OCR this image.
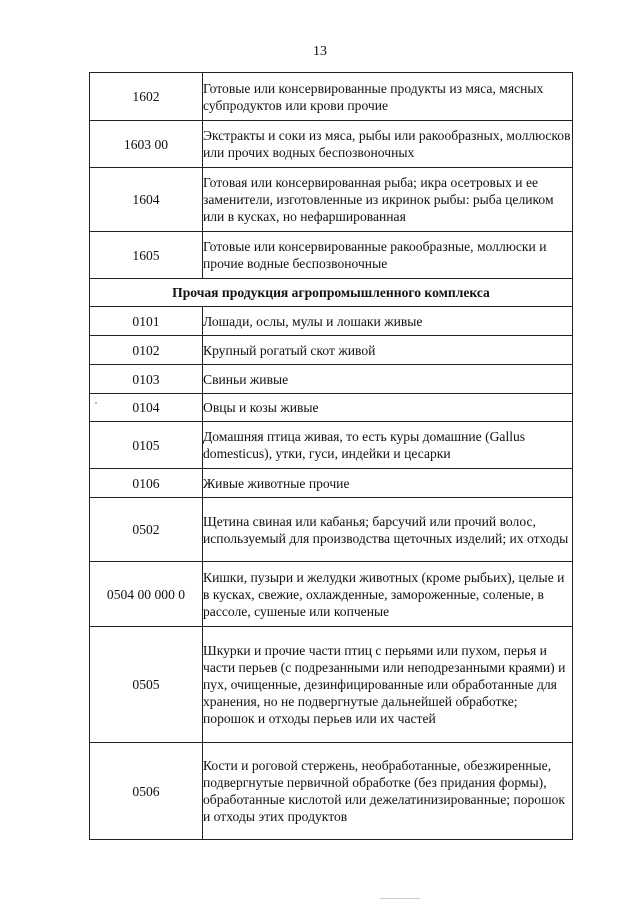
13
1602	Готовые или консервированные продукты из мяса, мясных субпродуктов или крови прочие
1603 00	Экстракты и соки из мяса, рыбы или ракообразных, моллюсков или прочих водных беспозвоночных
1604	Готовая или консервированная рыба; икра осетровых и ее заменители, изготовленные из икринок рыбы: рыба целиком или в кусках, но нефаршированная
1605	Готовые или консервированные ракообразные, моллюски и прочие водные беспозвоночные
Прочая продукция агропромышленного комплекса	
0101	Лошади, ослы, мулы и лошаки живые
0102	Крупный рогатый скот живой
0103	Свиньи живые
0104	Овцы и козы живые
0105	Домашняя птица живая, то есть куры домашние (Gallus domesticus), утки, гуси, индейки и цесарки
0106	Живые животные прочие
0502	Щетина свиная или кабанья; барсучий или прочий волос, используемый для производства щеточных изделий; их отходы
0504 00 000 0	Кишки, пузыри и желудки животных (кроме рыбьих), целые и в кусках, свежие, охлажденные, замороженные, соленые, в рассоле, сушеные или копченые
0505	Шкурки и прочие части птиц с перьями или пухом, перья и части перьев (с подрезанными или неподрезанными краями) и пух, очищенные, дезинфицированные или обработанные для хранения, но не подвергнутые дальнейшей обработке; порошок и отходы перьев или их частей
0506	Кости и роговой стержень, необработанные, обезжиренные, подвергнутые первичной обработке (без придания формы), обработанные кислотой или дежелатинизированные; порошок и отходы этих продуктов
